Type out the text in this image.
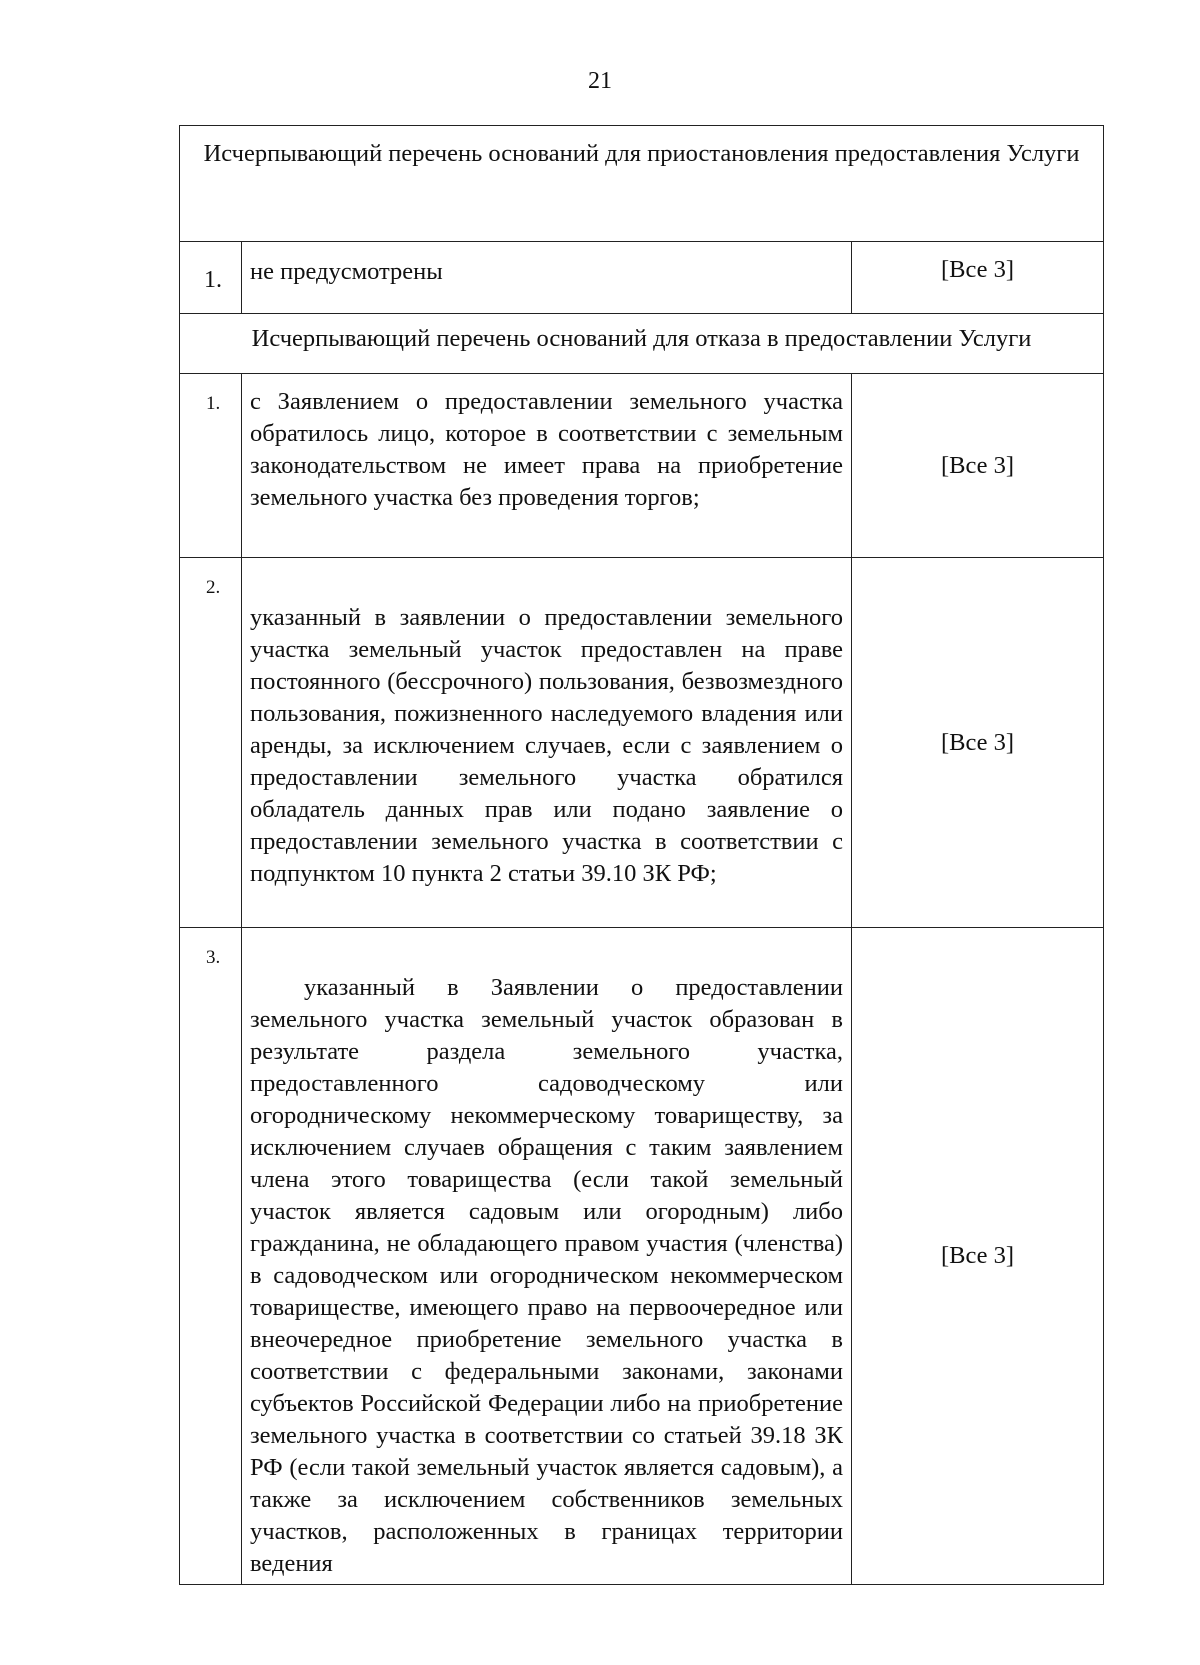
21
Исчерпывающий перечень оснований для приостановления предоставления Услуги		
1.	не предусмотрены	[Все 3]
Исчерпывающий перечень оснований для отказа в предоставлении Услуги		
1.	с Заявлением о предоставлении земельного участка обратилось лицо, которое в соответствии с земельным законодательством не имеет права на приобретение земельного участка без проведения торгов;	[Все 3]
2.	указанный в заявлении о предоставлении земельного участка земельный участок предоставлен на праве постоянного (бессрочного) пользования, безвозмездного пользования, пожизненного наследуемого владения или аренды, за исключением случаев, если с заявлением о предоставлении земельного участка обратился обладатель данных прав или подано заявление о предоставлении земельного участка в соответствии с подпунктом 10 пункта 2 статьи 39.10 ЗК РФ;	[Все 3]
3.	указанный в Заявлении о предоставлении земельного участка земельный участок образован в результате раздела земельного участка, предоставленного садоводческому или огородническому некоммерческому товариществу, за исключением случаев обращения с таким заявлением члена этого товарищества (если такой земельный участок является садовым или огородным) либо гражданина, не обладающего правом участия (членства) в садоводческом или огородническом некоммерческом товариществе, имеющего право на первоочередное или внеочередное приобретение земельного участка в соответствии с федеральными законами, законами субъектов Российской Федерации либо на приобретение земельного участка в соответствии со статьей 39.18 ЗК РФ (если такой земельный участок является садовым), а также за исключением собственников земельных участков, расположенных в границах территории ведения	[Все 3]
